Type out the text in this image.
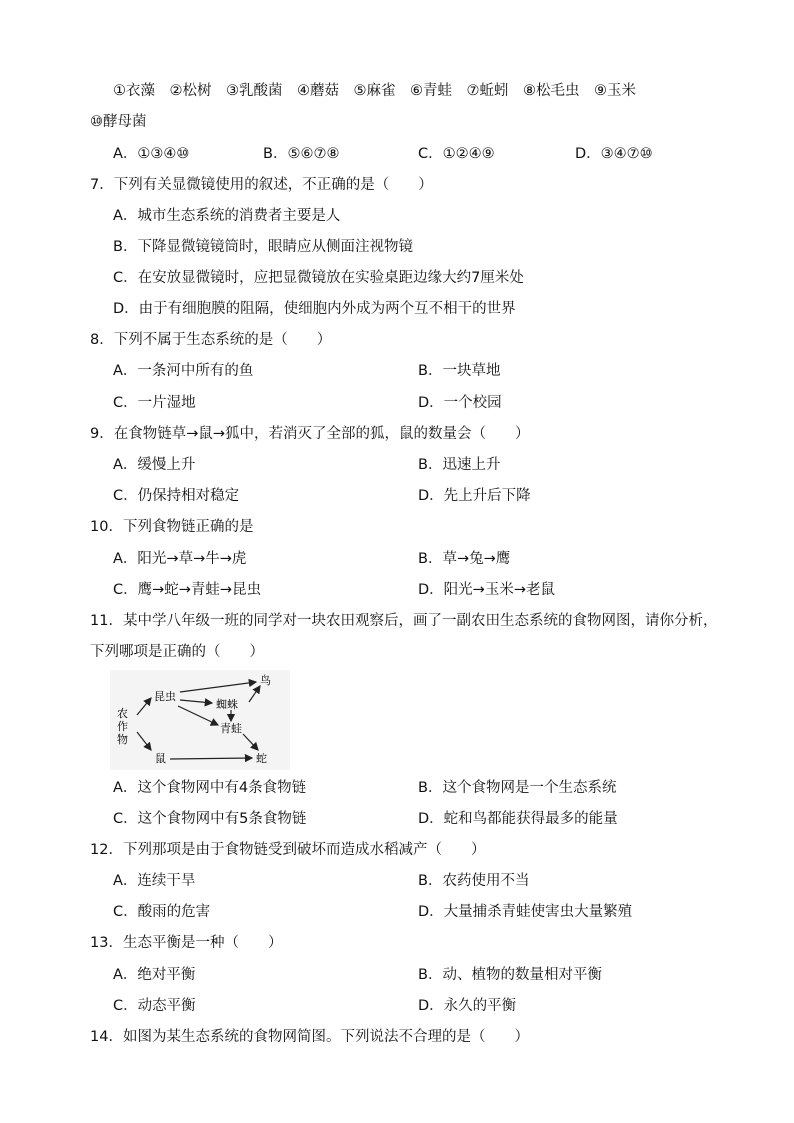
①衣藻　②松树　③乳酸菌　④蘑菇　⑤麻雀　⑥青蛙　⑦蚯蚓　⑧松毛虫　⑨玉米
⑩酵母菌
A．①③④⑩	B．⑤⑥⑦⑧	C．①②④⑨	D．③④⑦⑩
7．下列有关显微镜使用的叙述，不正确的是（　　）
A．城市生态系统的消费者主要是人
B．下降显微镜镜筒时，眼睛应从侧面注视物镜
C．在安放显微镜时，应把显微镜放在实验桌距边缘大约7厘米处
D．由于有细胞膜的阻隔，使细胞内外成为两个互不相干的世界
8．下列不属于生态系统的是（　　）
A．一条河中所有的鱼	B．一块草地
C．一片湿地	D．一个校园
9．在食物链草→鼠→狐中，若消灭了全部的狐，鼠的数量会（　　）
A．缓慢上升	B．迅速上升
C．仍保持相对稳定	D．先上升后下降
10．下列食物链正确的是
A．阳光→草→牛→虎	B．草→兔→鹰
C．鹰→蛇→青蛙→昆虫	D．阳光→玉米→老鼠
11．某中学八年级一班的同学对一块农田观察后，画了一副农田生态系统的食物网图，请你分析，
下列哪项是正确的（　　）
农
作
物
昆虫
鸟
蜘蛛
青蛙
鼠	蛇
A．这个食物网中有4条食物链	B．这个食物网是一个生态系统
C．这个食物网中有5条食物链	D．蛇和鸟都能获得最多的能量
12．下列那项是由于食物链受到破坏而造成水稻减产（　　）
A．连续干旱	B．农药使用不当
C．酸雨的危害	D．大量捕杀青蛙使害虫大量繁殖
13．生态平衡是一种（　　）
A．绝对平衡	B．动、植物的数量相对平衡
C．动态平衡	D．永久的平衡
14．如图为某生态系统的食物网简图。下列说法不合理的是（　　）
